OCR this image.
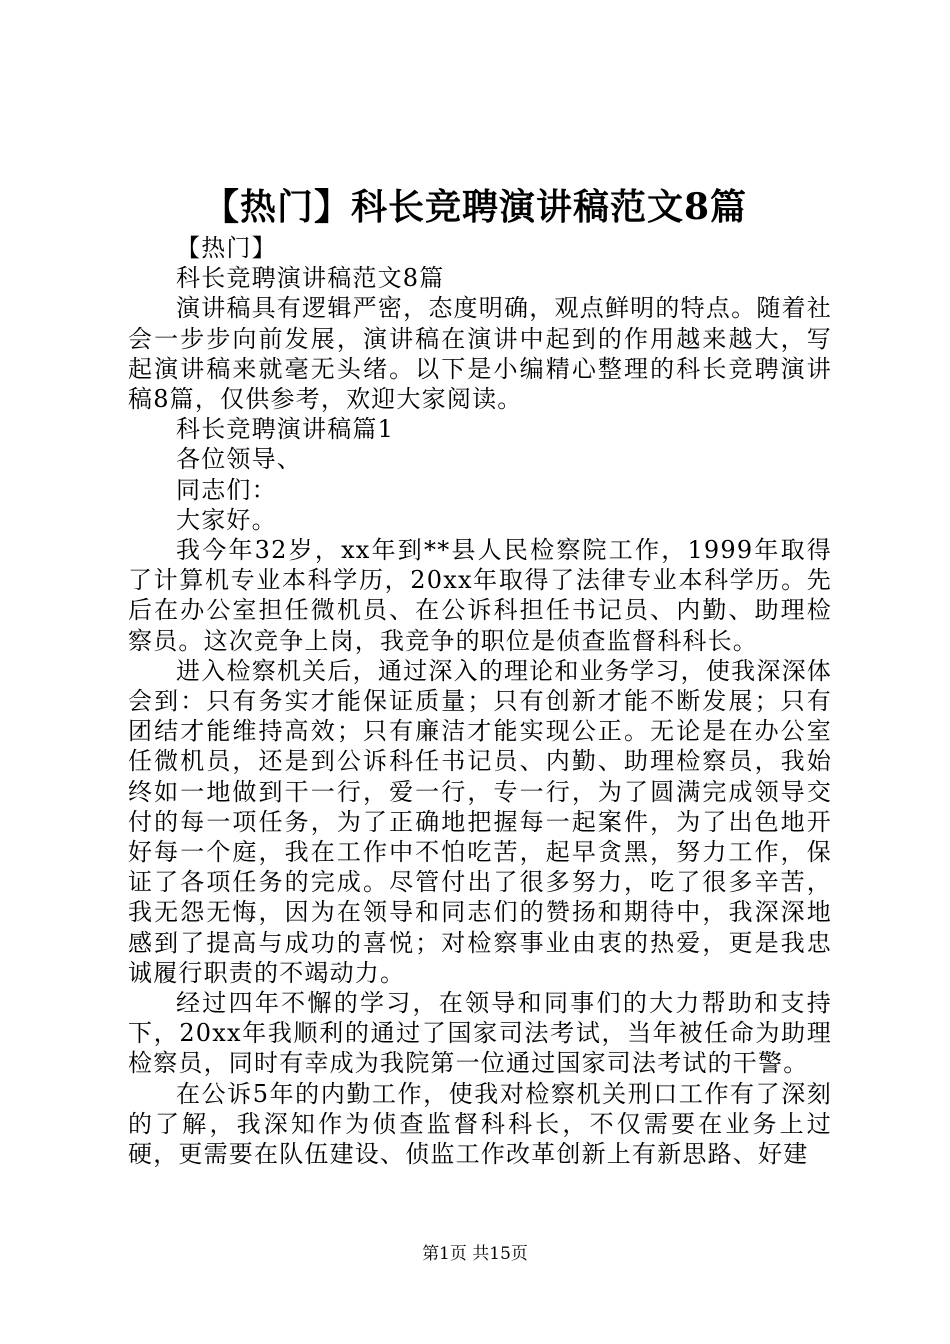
【热门】科长竞聘演讲稿范文8篇

【热门】

科长竞聘演讲稿范文8篇

演讲稿具有逻辑严密，态度明确，观点鲜明的特点。随着社会一步步向前发展，演讲稿在演讲中起到的作用越来越大，写起演讲稿来就毫无头绪。以下是小编精心整理的科长竞聘演讲稿8篇，仅供参考，欢迎大家阅读。

科长竞聘演讲稿篇1

各位领导、

同志们：

大家好。

我今年32岁，xx年到**县人民检察院工作，1999年取得了计算机专业本科学历，20xx年取得了法律专业本科学历。先后在办公室担任微机员、在公诉科担任书记员、内勤、助理检察员。这次竞争上岗，我竞争的职位是侦查监督科科长。

进入检察机关后，通过深入的理论和业务学习，使我深深体会到：只有务实才能保证质量；只有创新才能不断发展；只有团结才能维持高效；只有廉洁才能实现公正。无论是在办公室任微机员，还是到公诉科任书记员、内勤、助理检察员，我始终如一地做到干一行，爱一行，专一行，为了圆满完成领导交付的每一项任务，为了正确地把握每一起案件，为了出色地开好每一个庭，我在工作中不怕吃苦，起早贪黑，努力工作，保证了各项任务的完成。尽管付出了很多努力，吃了很多辛苦，我无怨无悔，因为在领导和同志们的赞扬和期待中，我深深地感到了提高与成功的喜悦；对检察事业由衷的热爱，更是我忠诚履行职责的不竭动力。

经过四年不懈的学习，在领导和同事们的大力帮助和支持下，20xx年我顺利的通过了国家司法考试，当年被任命为助理检察员，同时有幸成为我院第一位通过国家司法考试的干警。

在公诉5年的内勤工作，使我对检察机关刑口工作有了深刻的了解，我深知作为侦查监督科科长，不仅需要在业务上过硬，更需要在队伍建设、侦监工作改革创新上有新思路、好建

第1页 共15页
